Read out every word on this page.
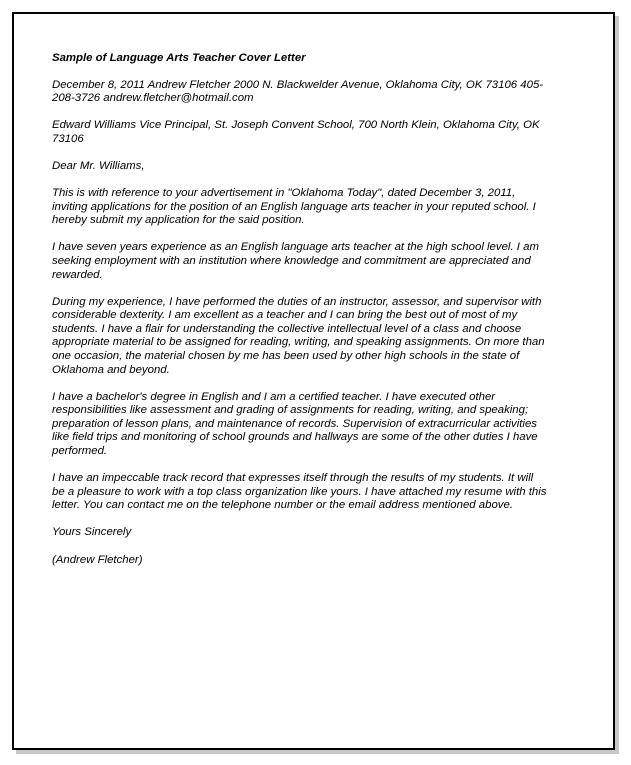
Sample of Language Arts Teacher Cover Letter

December 8, 2011 Andrew Fletcher 2000 N. Blackwelder Avenue, Oklahoma City, OK 73106 405-
208-3726 andrew.fletcher@hotmail.com

Edward Williams Vice Principal, St. Joseph Convent School, 700 North Klein, Oklahoma City, OK
73106

Dear Mr. Williams,

This is with reference to your advertisement in "Oklahoma Today", dated December 3, 2011,
inviting applications for the position of an English language arts teacher in your reputed school. I
hereby submit my application for the said position.

I have seven years experience as an English language arts teacher at the high school level. I am
seeking employment with an institution where knowledge and commitment are appreciated and
rewarded.

During my experience, I have performed the duties of an instructor, assessor, and supervisor with
considerable dexterity. I am excellent as a teacher and I can bring the best out of most of my
students. I have a flair for understanding the collective intellectual level of a class and choose
appropriate material to be assigned for reading, writing, and speaking assignments. On more than
one occasion, the material chosen by me has been used by other high schools in the state of
Oklahoma and beyond.

I have a bachelor's degree in English and I am a certified teacher. I have executed other
responsibilities like assessment and grading of assignments for reading, writing, and speaking;
preparation of lesson plans, and maintenance of records. Supervision of extracurricular activities
like field trips and monitoring of school grounds and hallways are some of the other duties I have
performed.

I have an impeccable track record that expresses itself through the results of my students. It will
be a pleasure to work with a top class organization like yours. I have attached my resume with this
letter. You can contact me on the telephone number or the email address mentioned above.

Yours Sincerely

(Andrew Fletcher)
